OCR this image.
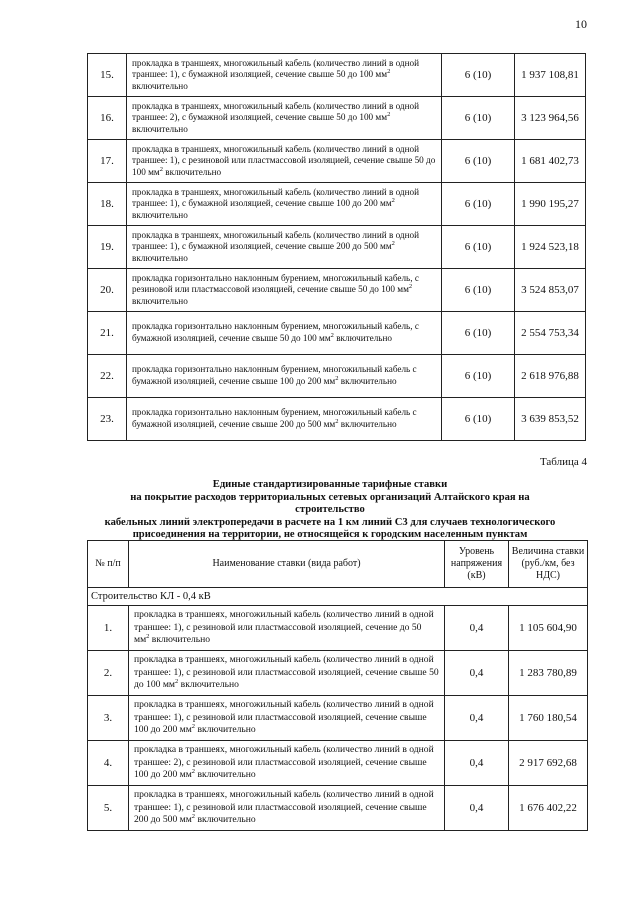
10
15.	прокладка в траншеях, многожильный кабель (количество линий в одной траншее: 1), с бумажной изоляцией, сечение свыше 50 до 100 $мм^2$ включительно	6 (10)	1 937 108,81
16.	прокладка в траншеях, многожильный кабель (количество линий в одной траншее: 2), с бумажной изоляцией, сечение свыше 50 до 100 $мм^2$ включительно	6 (10)	3 123 964,56
17.	прокладка в траншеях, многожильный кабель (количество линий в одной траншее: 1), с резиновой или пластмассовой изоляцией, сечение свыше 50 до 100 $мм^2$ включительно	6 (10)	1 681 402,73
18.	прокладка в траншеях, многожильный кабель (количество линий в одной траншее: 1), с бумажной изоляцией, сечение свыше 100 до 200 $мм^2$ включительно	6 (10)	1 990 195,27
19.	прокладка в траншеях, многожильный кабель (количество линий в одной траншее: 1), с бумажной изоляцией, сечение свыше 200 до 500 $мм^2$ включительно	6 (10)	1 924 523,18
20.	прокладка горизонтально наклонным бурением, многожильный кабель, с резиновой или пластмассовой изоляцией, сечение свыше 50 до 100 $мм^2$ включительно	6 (10)	3 524 853,07
21.	прокладка горизонтально наклонным бурением, многожильный кабель, с бумажной изоляцией, сечение свыше 50 до 100 $мм^2$ включительно	6 (10)	2 554 753,34
22.	прокладка горизонтально наклонным бурением, многожильный кабель с бумажной изоляцией, сечение свыше 100 до 200 $мм^2$ включительно	6 (10)	2 618 976,88
23.	прокладка горизонтально наклонным бурением, многожильный кабель с бумажной изоляцией, сечение свыше 200 до 500 $мм^2$ включительно	6 (10)	3 639 853,52
Таблица 4
Единые стандартизированные тарифные ставки
на покрытие расходов территориальных сетевых организаций Алтайского края на строительство
кабельных линий электропередачи в расчете на 1 км линий С3 для случаев технологического
присоединения на территории, не относящейся к городским населенным пунктам
№ п/п	Наименование ставки (вида работ)	Уровень напряжения (кВ)	Величина ставки (руб./км, без НДС)
Строительство КЛ - 0,4 кВ			
1.	прокладка в траншеях, многожильный кабель (количество линий в одной траншее: 1), с резиновой или пластмассовой изоляцией, сечение до 50 $мм^2$ включительно	0,4	1 105 604,90
2.	прокладка в траншеях, многожильный кабель (количество линий в одной траншее: 1), с резиновой или пластмассовой изоляцией, сечение свыше 50 до 100 $мм^2$ включительно	0,4	1 283 780,89
3.	прокладка в траншеях, многожильный кабель (количество линий в одной траншее: 1), с резиновой или пластмассовой изоляцией, сечение свыше 100 до 200 $мм^2$ включительно	0,4	1 760 180,54
4.	прокладка в траншеях, многожильный кабель (количество линий в одной траншее: 2), с резиновой или пластмассовой изоляцией, сечение свыше 100 до 200 $мм^2$ включительно	0,4	2 917 692,68
5.	прокладка в траншеях, многожильный кабель (количество линий в одной траншее: 1), с резиновой или пластмассовой изоляцией, сечение свыше 200 до 500 $мм^2$ включительно	0,4	1 676 402,22
